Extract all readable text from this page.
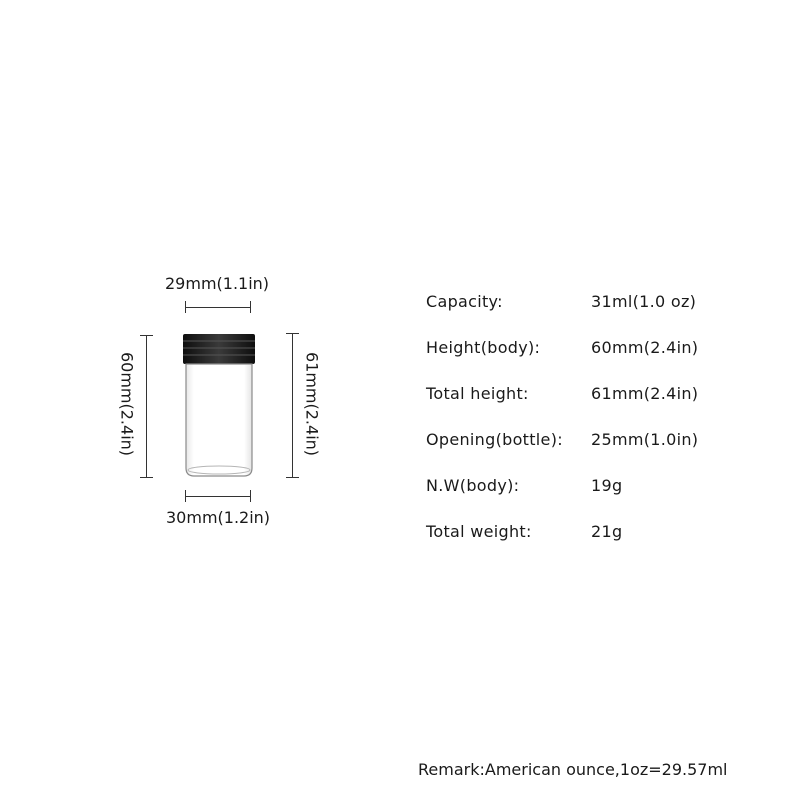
29mm(1.1in)
30mm(1.2in)
60mm(2.4in)	61mm(2.4in)
Capacity:	31ml(1.0 oz)
Height(body):	60mm(2.4in)
Total height:	61mm(2.4in)
Opening(bottle): 25mm(1.0in)
N.W(body):	19g
Total weight:	21g
Remark:American ounce,1oz=29.57ml
